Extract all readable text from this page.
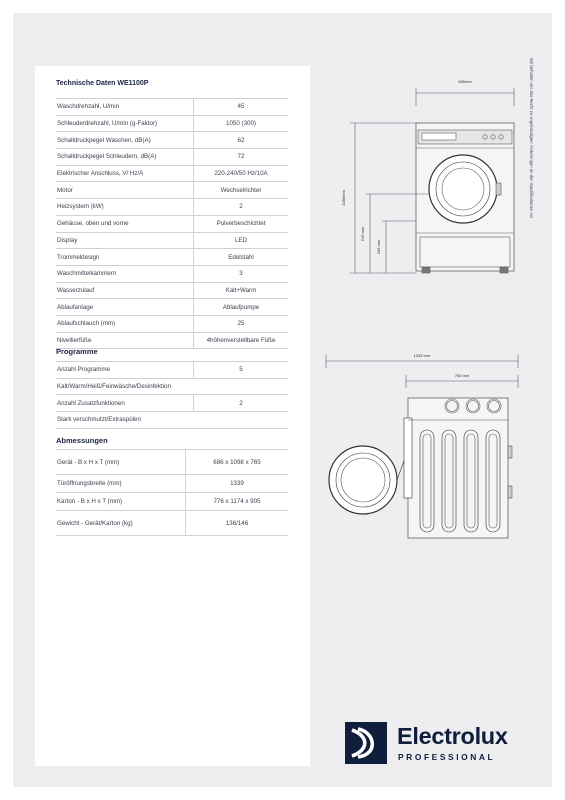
Technische Daten WE1100P
Waschdrehzahl, U/min	45
Schleuderdrehzahl, U/min (g-Faktor)	1050 (300)
Schalldruckpegel Waschen, dB(A)	62
Schalldruckpegel Schleudern, dB(A)	72
Elektrischer Anschluss, V/ Hz/A	220-240/50 Hz/10A
Motor	Wechselrichter
Heizsystem (kW)	2
Gehäuse, oben und vorne	Pulverbeschichtet
Display	LED
Trommeldesign	Edelstahl
Waschmittelkammern	3
Wasserzulauf	Kalt+Warm
Ablaufanlage	Ablaufpumpe
Ablaufschlauch (mm)	25
Nivellierfüße	4höhenverstellbare Füße
Programme
Anzahl Programme	5
Kalt/Warm/Heiß/Feinwäsche/Desinfektion
Anzahl Zusatzfunktionen	2
Stark verschmutzt/Extraspülen
Abmessungen
Gerät - B x H x T (mm)	686 x 1098 x 765
Türöffnungsbreite (mm)	1339
Karton - B x H x T (mm)	776 x 1174 x 905
Gewicht - Gerät/Karton (kg)	136/146
Wir behalten uns das Recht zu ungekündigten Änderungen an den Spezifikationen vor
686mm
1098mm
516 mm
336 mm
1339 mm
765 mm
Electrolux
PROFESSIONAL
